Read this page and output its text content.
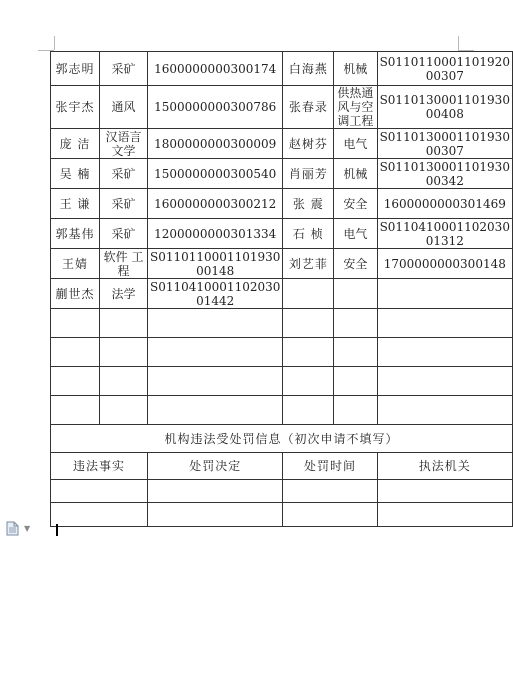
郭志明	采矿	1600000000300174	白海燕	机械	S0110110001101920 00307
张宇杰	通风	1500000000300786	张春录	供热通 风与空 调工程	S0110130001101930 00408
庞 洁	汉语言 文学	1800000000300009	赵树芬	电气	S0110130001101930 00307
吴 楠	采矿	1500000000300540	肖丽芳	机械	S0110130001101930 00342
王 谦	采矿	1600000000300212	张 震	安全	1600000000301469
郭基伟	采矿	1200000000301334	石 桢	电气	S0110410001102030 01312
王婧	软件 工程	S0110110001101930 00148	刘艺菲	安全	1700000000300148
蒯世杰	法学	S0110410001102030 01442			

机构违法受处罚信息（初次申请不填写）					
违法事实		处罚决定	处罚时间		执法机关

▼
